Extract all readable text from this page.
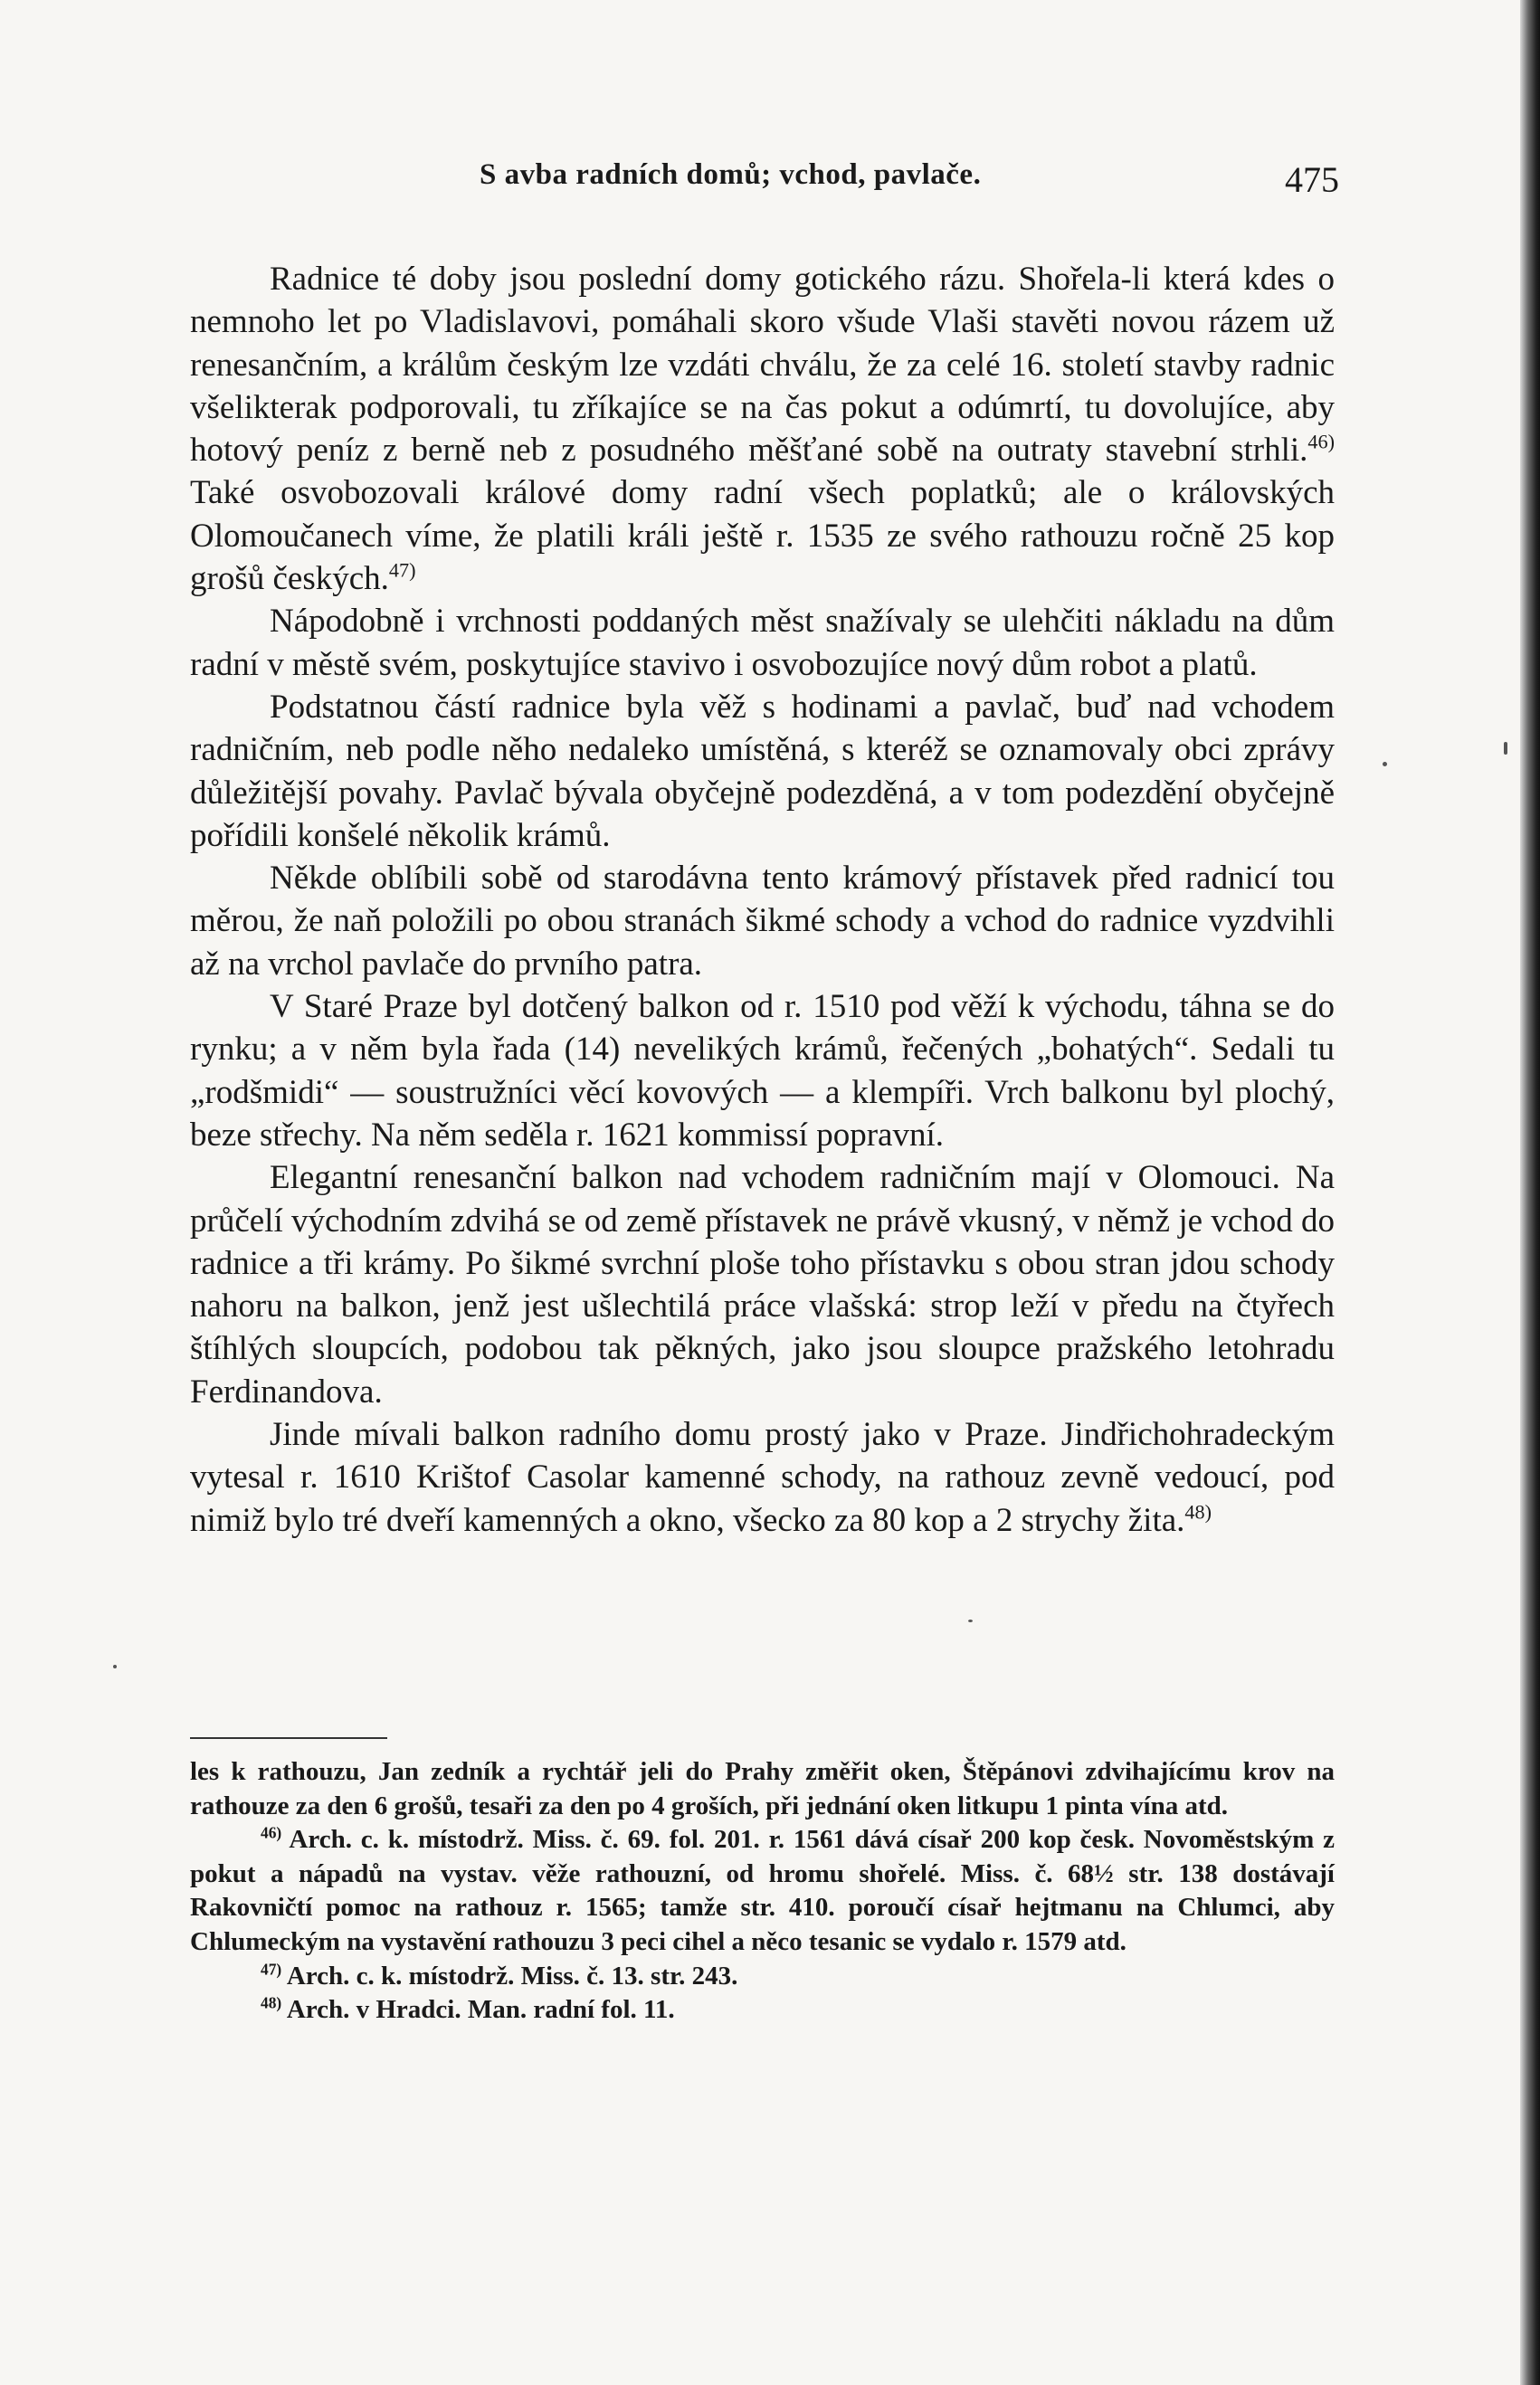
S avba radních domů; vchod, pavlače.	475

Radnice té doby jsou poslední domy gotického rázu. Shořela-li která kdes o nemnoho let po Vladislavovi, pomáhali skoro všude Vlaši stavěti novou rázem už renesančním, a králům českým lze vzdáti chválu, že za celé 16. století stavby radnic všelikterak podporovali, tu zříkajíce se na čas pokut a odúmrtí, tu dovolujíce, aby hotový peníz z berně neb z posudného měšťané sobě na outraty stavební strhli.$^{46)}$ Také osvobozovali králové domy radní všech poplatků; ale o královských Olomoučanech víme, že platili králi ještě r. 1535 ze svého rathouzu ročně 25 kop grošů českých.$^{47)}$

Nápodobně i vrchnosti poddaných měst snažívaly se ulehčiti nákladu na dům radní v městě svém, poskytujíce stavivo i osvobozujíce nový dům robot a platů.

Podstatnou částí radnice byla věž s hodinami a pavlač, buď nad vchodem radničním, neb podle něho nedaleko umístěná, s kteréž se oznamovaly obci zprávy důležitější povahy. Pavlač bývala obyčejně podezděná, a v tom podezdění obyčejně pořídili konšelé několik krámů.

Někde oblíbili sobě od starodávna tento krámový přístavek před radnicí tou měrou, že naň položili po obou stranách šikmé schody a vchod do radnice vyzdvihli až na vrchol pavlače do prvního patra.

V Staré Praze byl dotčený balkon od r. 1510 pod věží k východu, táhna se do rynku; a v něm byla řada (14) nevelikých krámů, řečených „bohatých“. Sedali tu „rodšmidi“ — soustružníci věcí kovových — a klempíři. Vrch balkonu byl plochý, beze střechy. Na něm seděla r. 1621 kommissí popravní.

Elegantní renesanční balkon nad vchodem radničním mají v Olomouci. Na průčelí východním zdvihá se od země přístavek ne právě vkusný, v němž je vchod do radnice a tři krámy. Po šikmé svrchní ploše toho přístavku s obou stran jdou schody nahoru na balkon, jenž jest ušlechtilá práce vlašská: strop leží v předu na čtyřech štíhlých sloupcích, podobou tak pěkných, jako jsou sloupce pražského letohradu Ferdinandova.

Jinde mívali balkon radního domu prostý jako v Praze. Jindřichohradeckým vytesal r. 1610 Krištof Casolar kamenné schody, na rathouz zevně vedoucí, pod nimiž bylo tré dveří kamenných a okno, všecko za 80 kop a 2 strychy žita.$^{48)}$

les k rathouzu, Jan zedník a rychtář jeli do Prahy změřit oken, Štěpánovi zdvihajícímu krov na rathouze za den 6 grošů, tesaři za den po 4 groších, při jednání oken litkupu 1 pinta vína atd.

$^{46)}$ Arch. c. k. místodrž. Miss. č. 69. fol. 201. r. 1561 dává císař 200 kop česk. Novoměstským z pokut a nápadů na vystav. věže rathouzní, od hromu shořelé. Miss. č. 68½ str. 138 dostávají Rakovničtí pomoc na rathouz r. 1565; tamže str. 410. poroučí císař hejtmanu na Chlumci, aby Chlumeckým na vystavění rathouzu 3 peci cihel a něco tesanic se vydalo r. 1579 atd.

$^{47)}$ Arch. c. k. místodrž. Miss. č. 13. str. 243.

$^{48)}$ Arch. v Hradci. Man. radní fol. 11.
